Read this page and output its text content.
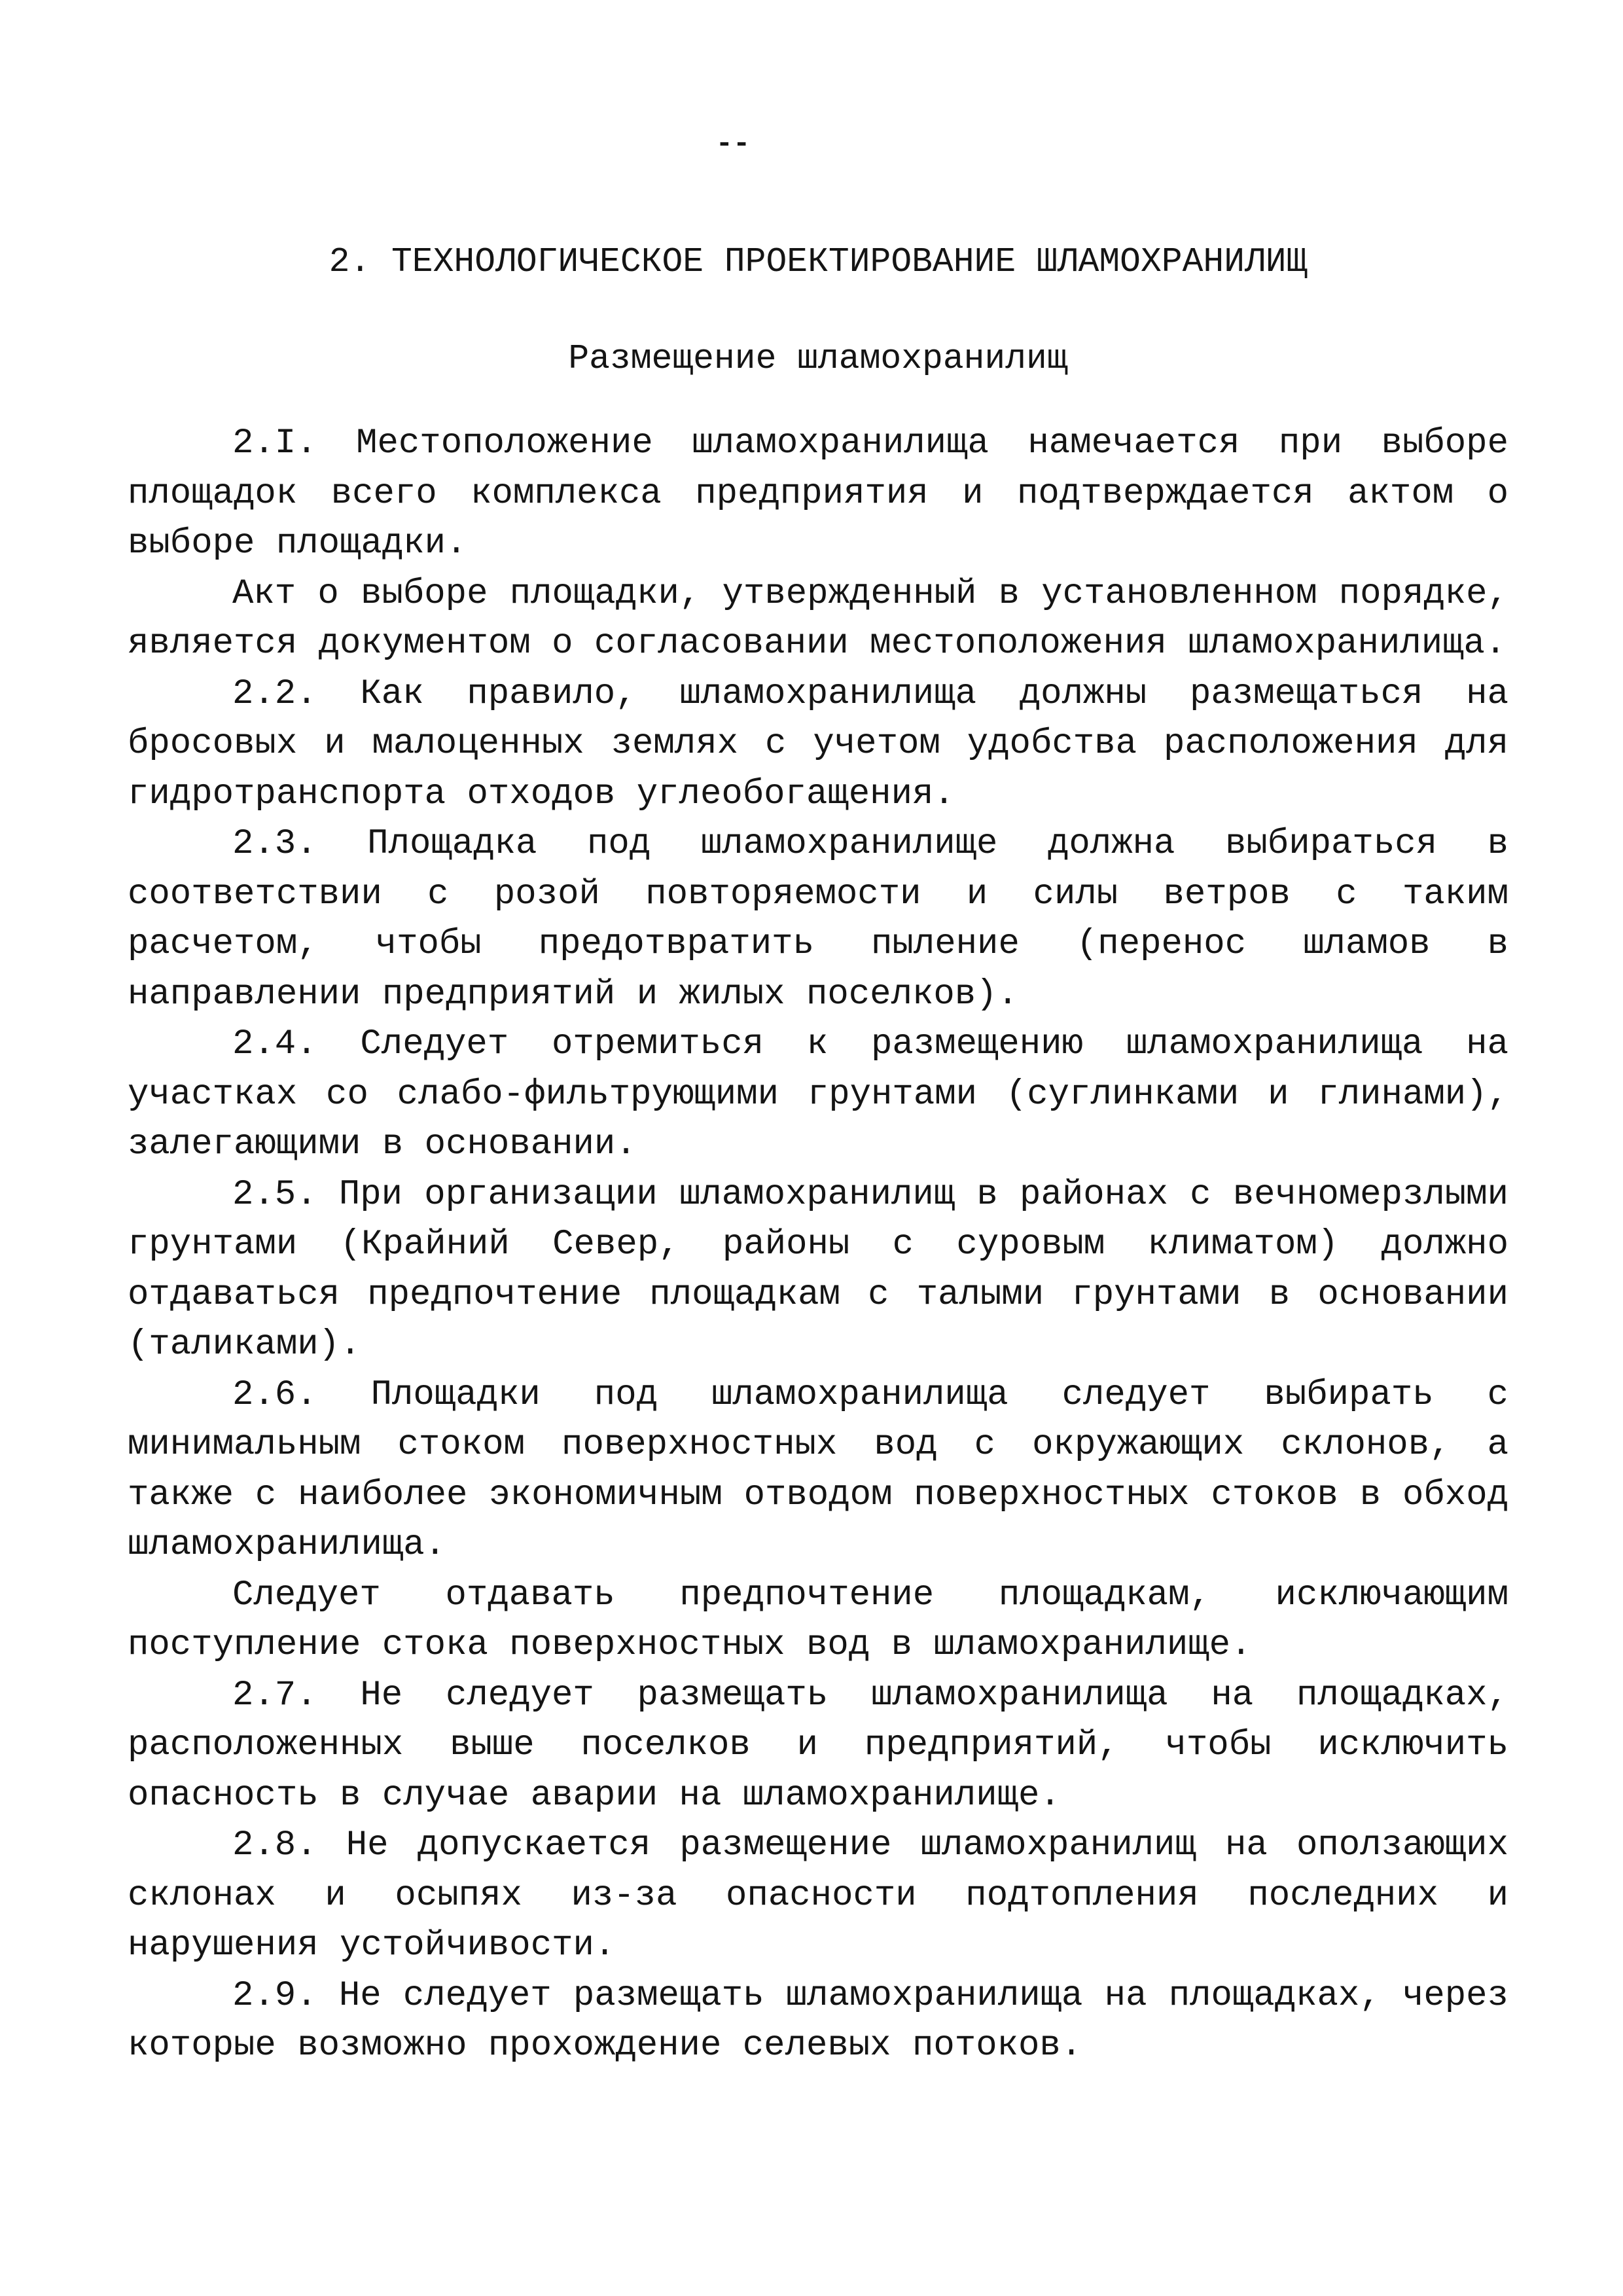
--
2. ТЕХНОЛОГИЧЕСКОЕ ПРОЕКТИРОВАНИЕ ШЛАМОХРАНИЛИЩ
Размещение шламохранилищ

2.I. Местоположение шламохранилища намечается при выборе площадок всего комплекса предприятия и подтверждается актом о выборе площадки.

Акт о выборе площадки, утвержденный в установленном порядке, является документом о согласовании местоположения шламохранилища.

2.2. Как правило, шламохранилища должны размещаться на бросовых и малоценных землях с учетом удобства расположения для гидротранспорта отходов углеобогащения.

2.3. Площадка под шламохранилище должна выбираться в соответствии с розой повторяемости и силы ветров с таким расчетом, чтобы предотвратить пыление (перенос шламов в направлении предприятий и жилых поселков).

2.4. Следует отремиться к размещению шламохранилища на участках со слабо-фильтрующими грунтами (суглинками и глинами), залегающими в основании.

2.5. При организации шламохранилищ в районах с вечномерзлыми грунтами (Крайний Север, районы с суровым климатом) должно отдаваться предпочтение площадкам с талыми грунтами в основании (таликами).

2.6. Площадки под шламохранилища следует выбирать с минимальным стоком поверхностных вод с окружающих склонов, а также с наиболее экономичным отводом поверхностных стоков в обход шламохранилища.

Следует отдавать предпочтение площадкам, исключающим поступление стока поверхностных вод в шламохранилище.

2.7. Не следует размещать шламохранилища на площадках, расположенных выше поселков и предприятий, чтобы исключить опасность в случае аварии на шламохранилище.

2.8. Не допускается размещение шламохранилищ на оползающих склонах и осыпях из-за опасности подтопления последних и нарушения устойчивости.

2.9. Не следует размещать шламохранилища на площадках, через которые возможно прохождение селевых потоков.
